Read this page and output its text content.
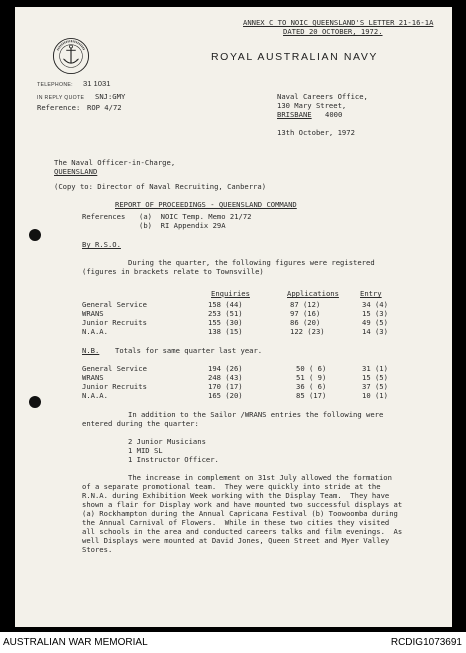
ANNEX C TO NOIC QUEENSLAND'S LETTER 21-16-1A
DATED 20 OCTOBER, 1972.
ROYAL AUSTRALIAN NAVY
TELEPHONE: 31 1031
IN REPLY QUOTE SNJ:GMY
Reference: ROP 4/72
Naval Careers Office,
130 Mary Street,
BRISBANE 4000
13th October, 1972
The Naval Officer-in-Charge,
QUEENSLAND
(Copy to: Director of Naval Recruiting, Canberra)
REPORT OF PROCEEDINGS - QUEENSLAND COMMAND
References (a)  NOIC Temp. Memo 21/72
(b)  RI Appendix 29A
By R.S.O.
During the quarter, the following figures were registered
(figures in brackets relate to Townsville)
Enquiries	Applications	Entry

General Service	158 (44)	87 (12)	34 (4)

WRANS	253 (51)	97 (16)	15 (3)

Junior Recruits	155 (30)	86 (20)	49 (5)

N.A.A.	138 (15)	122 (23)	14 (3)

N.B. Totals for same quarter last year.

General Service	194 (26)	50 ( 6)	31 (1)

WRANS	248 (43)	51 ( 9)	15 (5)

Junior Recruits	170 (17)	36 ( 6)	37 (5)

N.A.A.	165 (20)	85 (17)	10 (1)

In addition to the Sailor /WRANS entries the following were
entered during the quarter:
2 Junior Musicians
1 MID SL
1 Instructor Officer.
The increase in complement on 31st July allowed the formation
of a separate promotional team.  They were quickly into stride at the
R.N.A. during Exhibition Week working with the Display Team.  They have
shown a flair for Display work and have mounted two successful displays at
(a) Rockhampton during the Annual Capricana Festival (b) Toowoomba during
the Annual Carnival of Flowers.  While in these two cities they visited
all schools in the area and conducted careers talks and film evenings.  As
well Displays were mounted at David Jones, Queen Street and Myer Valley
Stores.
AUSTRALIAN WAR MEMORIAL	RCDIG1073691
